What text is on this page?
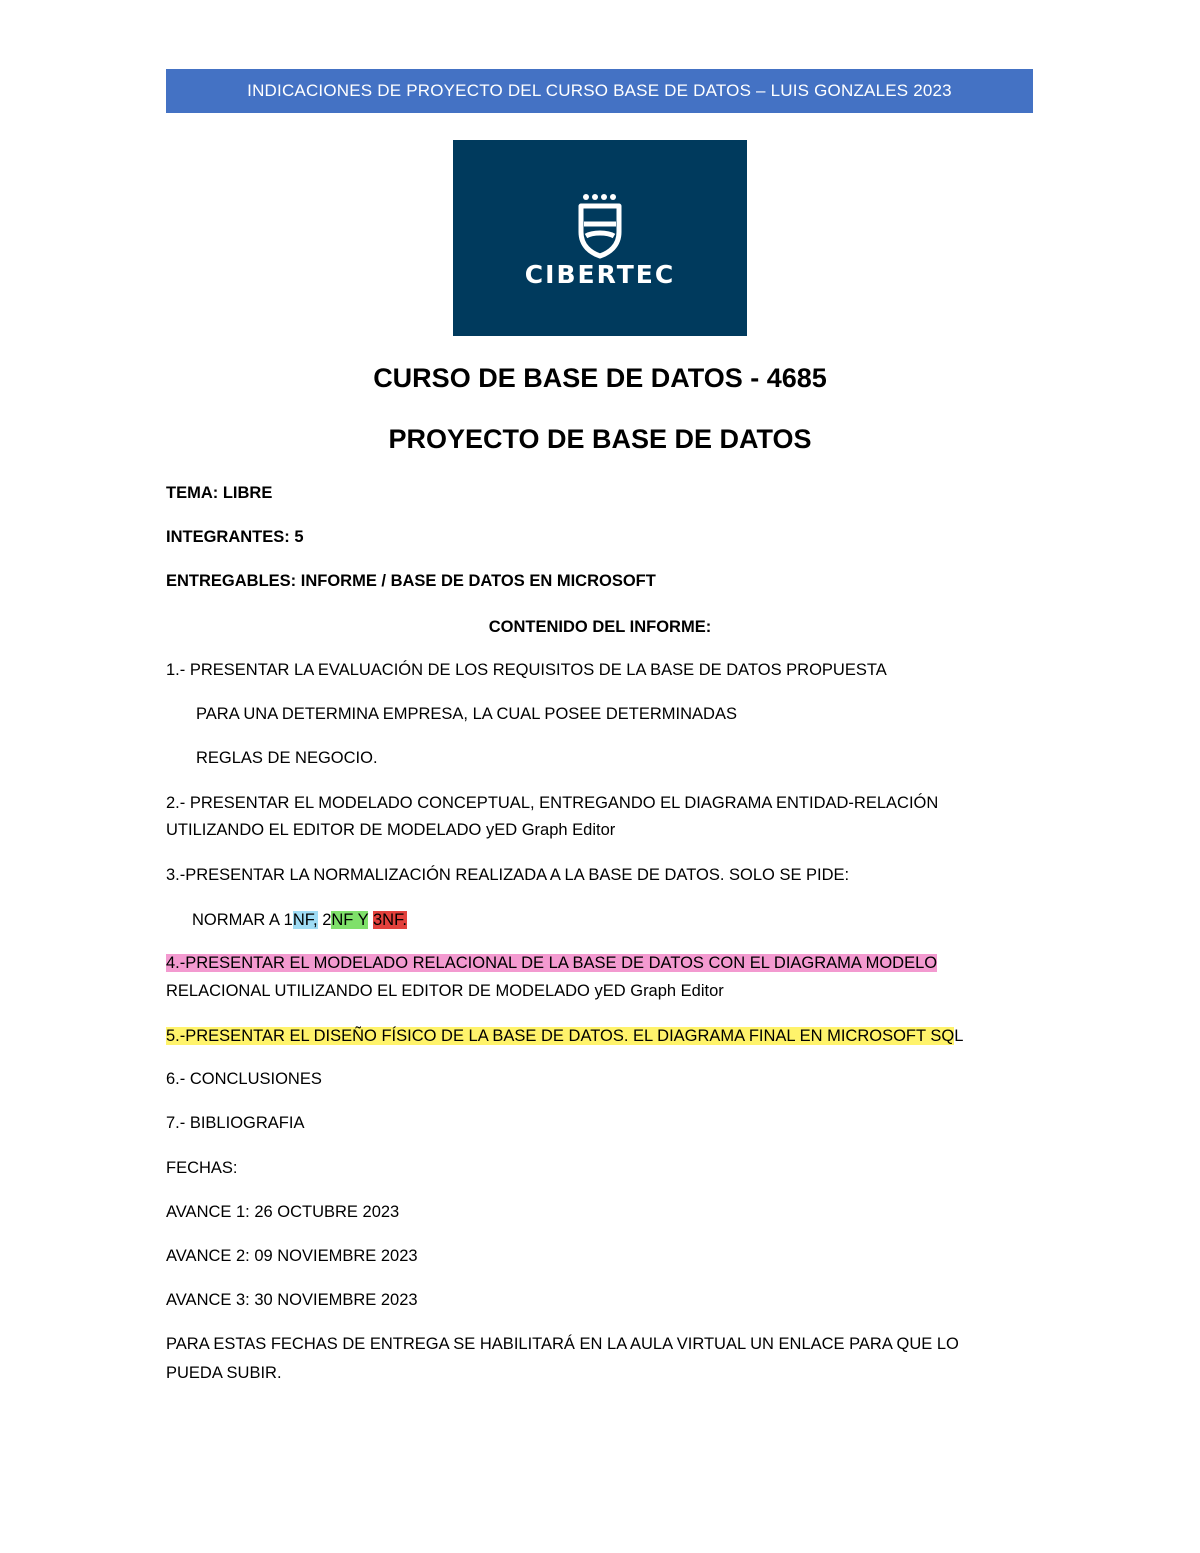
INDICACIONES DE PROYECTO DEL CURSO BASE DE DATOS – LUIS GONZALES 2023
CIBERTEC
CURSO DE BASE DE DATOS - 4685
PROYECTO DE BASE DE DATOS
TEMA: LIBRE
INTEGRANTES: 5
ENTREGABLES: INFORME / BASE DE DATOS EN MICROSOFT
CONTENIDO DEL INFORME:
1.- PRESENTAR LA EVALUACIÓN DE LOS REQUISITOS DE LA BASE DE DATOS PROPUESTA
PARA UNA DETERMINA EMPRESA, LA CUAL POSEE DETERMINADAS
REGLAS DE NEGOCIO.
2.- PRESENTAR EL MODELADO CONCEPTUAL, ENTREGANDO EL DIAGRAMA ENTIDAD-RELACIÓN
UTILIZANDO EL EDITOR DE MODELADO yED Graph Editor
3.-PRESENTAR LA NORMALIZACIÓN REALIZADA A LA BASE DE DATOS. SOLO SE PIDE:
NORMAR A 1NF, 2NF Y 3NF.
4.-PRESENTAR EL MODELADO RELACIONAL DE LA BASE DE DATOS CON EL DIAGRAMA MODELO
RELACIONAL UTILIZANDO EL EDITOR DE MODELADO yED Graph Editor
5.-PRESENTAR EL DISEÑO FÍSICO DE LA BASE DE DATOS. EL DIAGRAMA FINAL EN MICROSOFT SQL
6.- CONCLUSIONES
7.- BIBLIOGRAFIA
FECHAS:
AVANCE 1: 26 OCTUBRE 2023
AVANCE 2: 09 NOVIEMBRE 2023
AVANCE 3: 30 NOVIEMBRE 2023
PARA ESTAS FECHAS DE ENTREGA SE HABILITARÁ EN LA AULA VIRTUAL UN ENLACE PARA QUE LO
PUEDA SUBIR.
